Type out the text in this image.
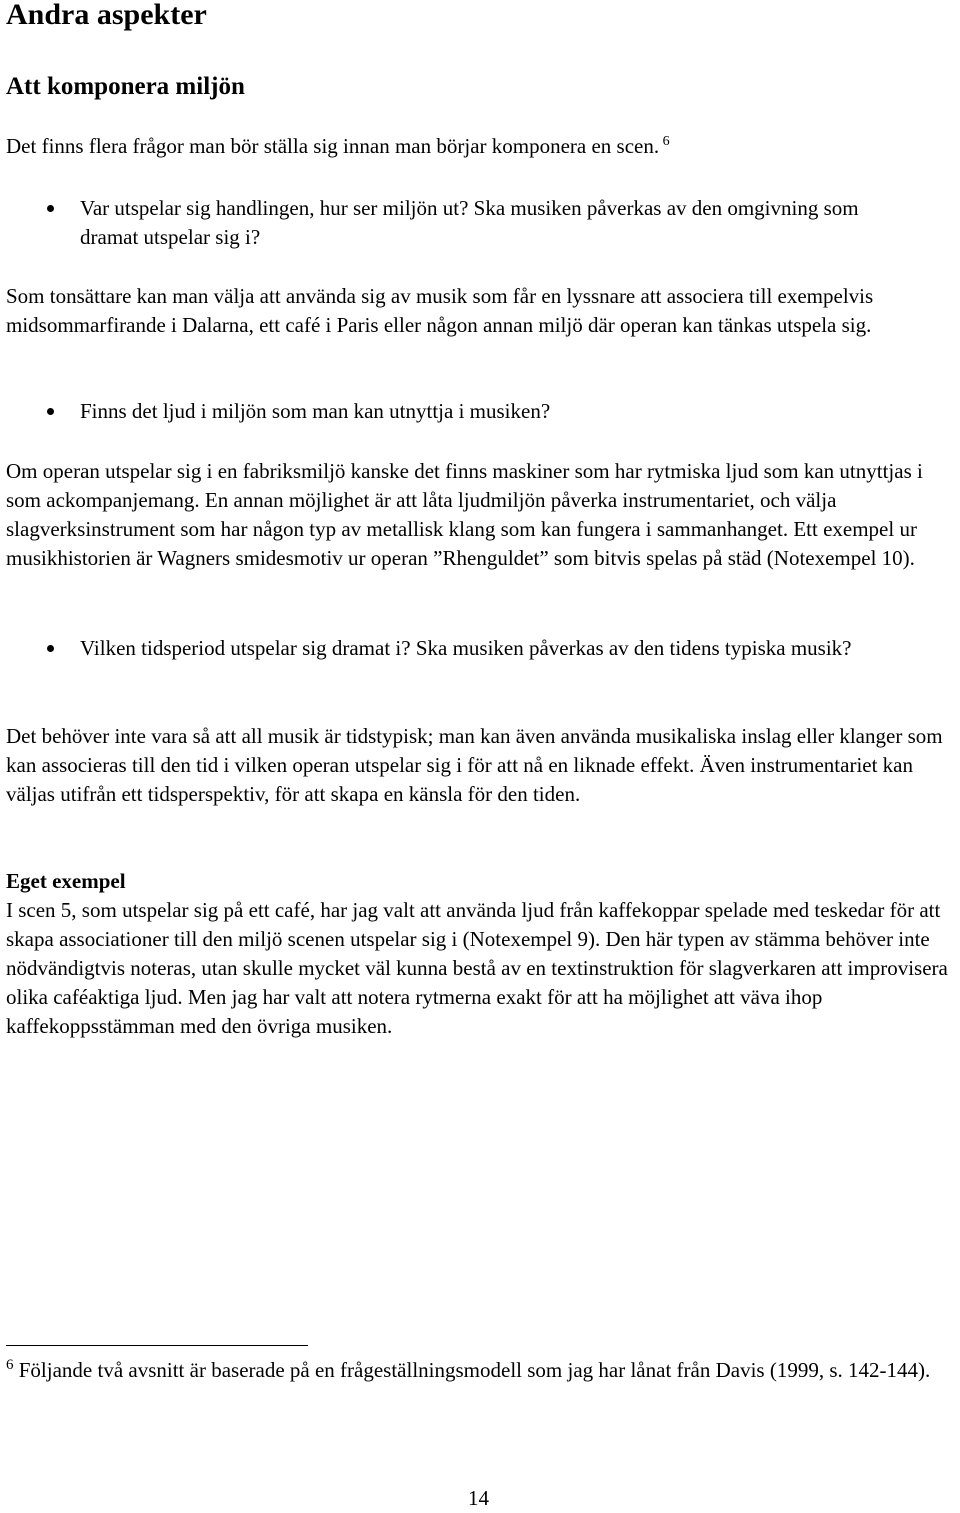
Andra aspekter
Att komponera miljön

Det finns flera frågor man bör ställa sig innan man börjar komponera en scen. $^6$

Var utspelar sig handlingen, hur ser miljön ut? Ska musiken påverkas av den omgivning som dramat utspelar sig i?

Som tonsättare kan man välja att använda sig av musik som får en lyssnare att associera till exempelvis midsommarfirande i Dalarna, ett café i Paris eller någon annan miljö där operan kan tänkas utspela sig.

Finns det ljud i miljön som man kan utnyttja i musiken?

Om operan utspelar sig i en fabriksmiljö kanske det finns maskiner som har rytmiska ljud som kan utnyttjas i som ackompanjemang. En annan möjlighet är att låta ljudmiljön påverka instrumentariet, och välja slagverksinstrument som har någon typ av metallisk klang som kan fungera i sammanhanget. Ett exempel ur musikhistorien är Wagners smidesmotiv ur operan ”Rhenguldet” som bitvis spelas på städ (Notexempel 10).

Vilken tidsperiod utspelar sig dramat i? Ska musiken påverkas av den tidens typiska musik?

Det behöver inte vara så att all musik är tidstypisk; man kan även använda musikaliska inslag eller klanger som kan associeras till den tid i vilken operan utspelar sig i för att nå en liknade effekt. Även instrumentariet kan väljas utifrån ett tidsperspektiv, för att skapa en känsla för den tiden.

Eget exempel
I scen 5, som utspelar sig på ett café, har jag valt att använda ljud från kaffekoppar spelade med teskedar för att skapa associationer till den miljö scenen utspelar sig i (Notexempel 9). Den här typen av stämma behöver inte nödvändigtvis noteras, utan skulle mycket väl kunna bestå av en textinstruktion för slagverkaren att improvisera olika caféaktiga ljud. Men jag har valt att notera rytmerna exakt för att ha möjlighet att väva ihop kaffekoppsstämman med den övriga musiken.
$^6$ Följande två avsnitt är baserade på en frågeställningsmodell som jag har lånat från Davis (1999, s. 142-144).
14
